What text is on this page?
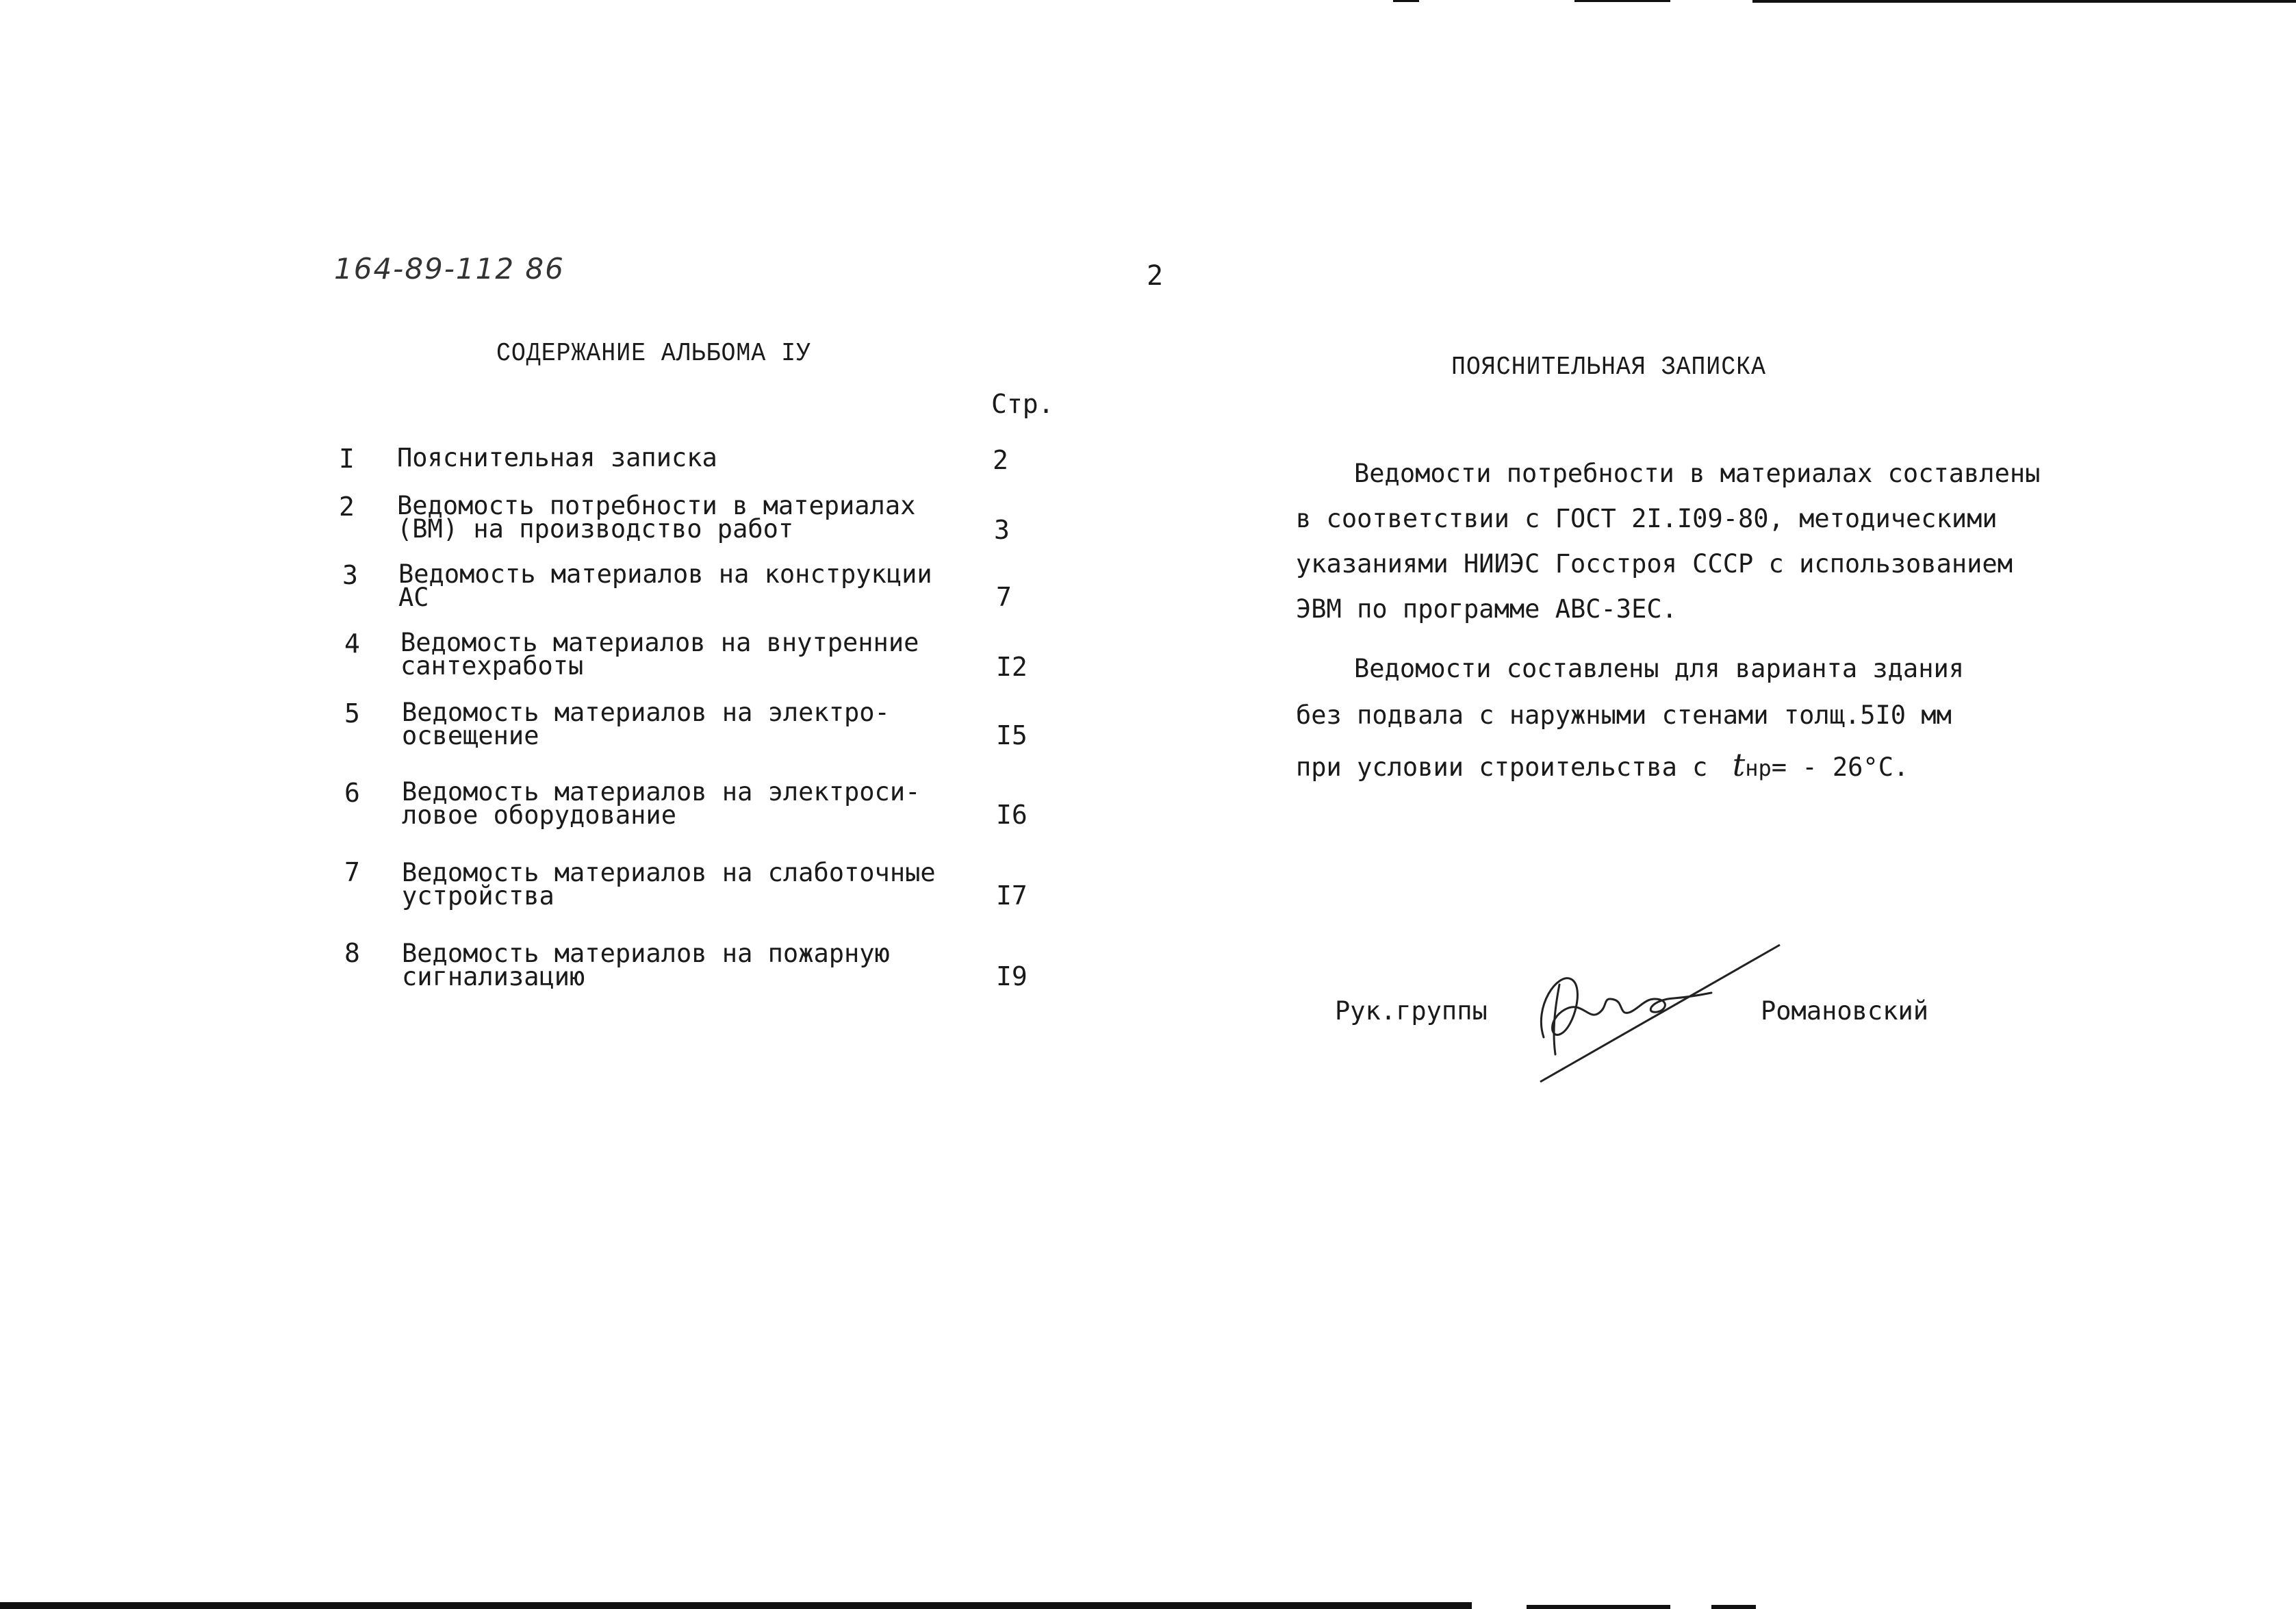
164-89-112 86	2
СОДЕРЖАНИЕ АЛЬБОМА IУ
Стр.
I Пояснительная записка	2
2 Ведомость потребности в материалах
(ВМ) на производство работ	3
3 Ведомость материалов на конструкции
АС	7
4 Ведомость материалов на внутренние
сантехработы	I2
5 Ведомость материалов на электро-
освещение	I5
6 Ведомость материалов на электроси-
ловое оборудование	I6
7 Ведомость материалов на слаботочные
устройства	I7
8 Ведомость материалов на пожарную
сигнализацию	I9
ПОЯСНИТЕЛЬНАЯ ЗАПИСКА
Ведомости потребности в материалах составлены
в соответствии с ГОСТ 2I.I09-80, методическими
указаниями НИИЭС Госстроя СССР с использованием
ЭВМ по программе АВС-ЗЕС.
Ведомости составлены для варианта здания
без подвала с наружными стенами толщ.5I0 мм
при условии строительства с tнр= - 26°С.
Рук.группы	Романовский
